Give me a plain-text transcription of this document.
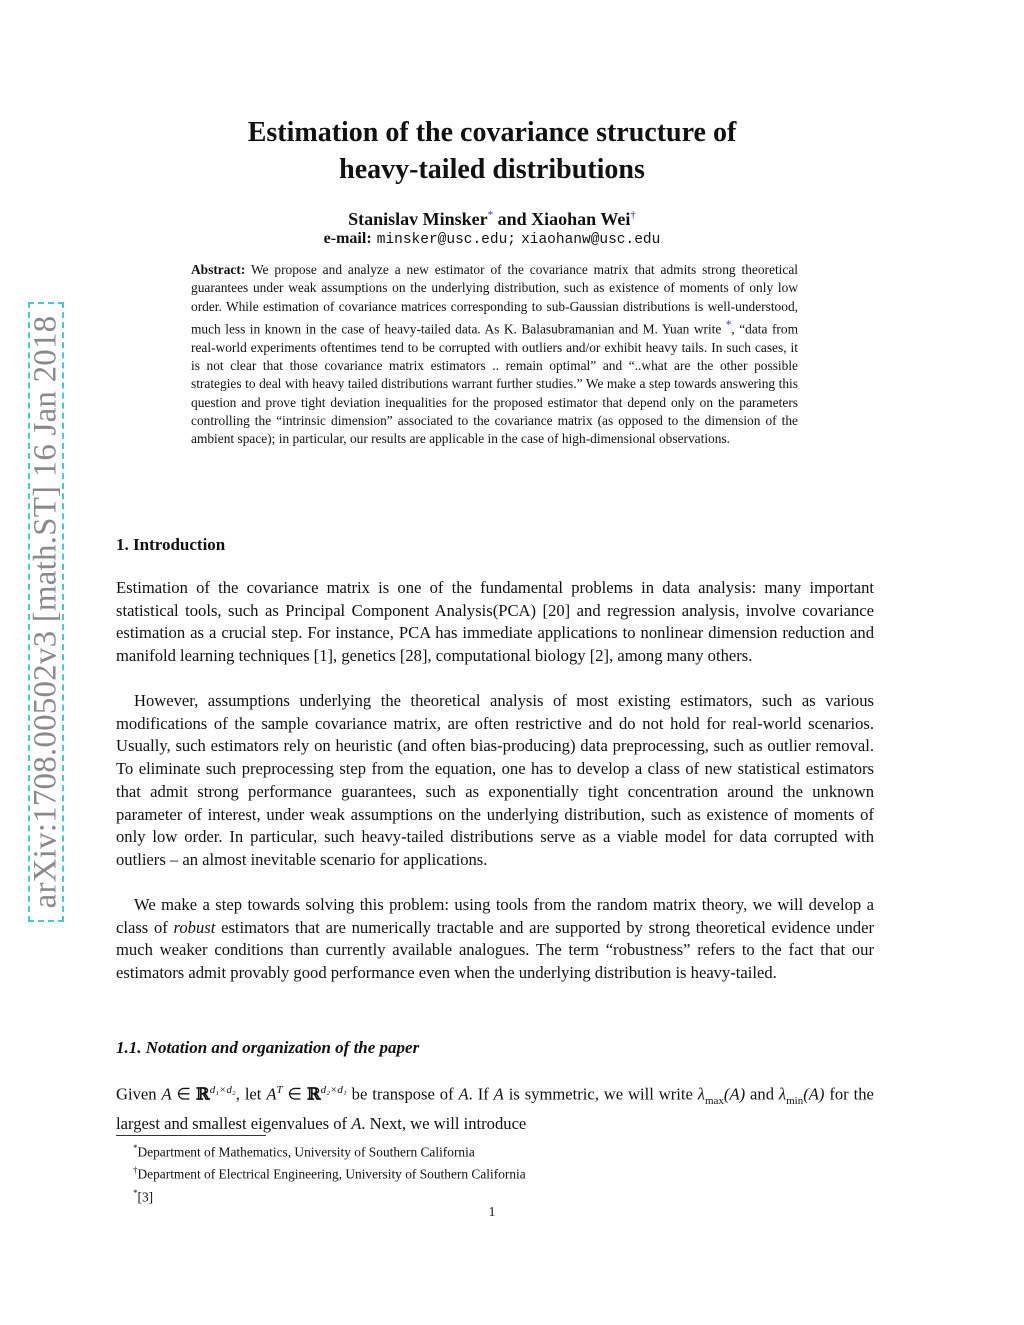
arXiv:1708.00502v3 [math.ST] 16 Jan 2018
Estimation of the covariance structure of
heavy-tailed distributions
Stanislav Minsker* and Xiaohan Wei†
e-mail: minsker@usc.edu; xiaohanw@usc.edu

Abstract: We propose and analyze a new estimator of the covariance matrix that admits strong theoretical guarantees under weak assumptions on the underlying distribution, such as existence of moments of only low order. While estimation of covariance matrices corresponding to sub-Gaussian distributions is well-understood, much less in known in the case of heavy-tailed data. As K. Balasubramanian and M. Yuan write *, “data from real-world experiments oftentimes tend to be corrupted with outliers and/or exhibit heavy tails. In such cases, it is not clear that those covariance matrix estimators .. remain optimal” and “..what are the other possible strategies to deal with heavy tailed distributions warrant further studies.” We make a step towards answering this question and prove tight deviation inequalities for the proposed estimator that depend only on the parameters controlling the “intrinsic dimension” associated to the covariance matrix (as opposed to the dimension of the ambient space); in particular, our results are applicable in the case of high-dimensional observations.

1. Introduction

Estimation of the covariance matrix is one of the fundamental problems in data analysis: many important statistical tools, such as Principal Component Analysis(PCA) [20] and regression analysis, involve covariance estimation as a crucial step. For instance, PCA has immediate applications to nonlinear dimension reduction and manifold learning techniques [1], genetics [28], computational biology [2], among many others.

However, assumptions underlying the theoretical analysis of most existing estimators, such as various modifications of the sample covariance matrix, are often restrictive and do not hold for real-world scenarios. Usually, such estimators rely on heuristic (and often bias-producing) data preprocessing, such as outlier removal. To eliminate such preprocessing step from the equation, one has to develop a class of new statistical estimators that admit strong performance guarantees, such as exponentially tight concentration around the unknown parameter of interest, under weak assumptions on the underlying distribution, such as existence of moments of only low order. In particular, such heavy-tailed distributions serve as a viable model for data corrupted with outliers – an almost inevitable scenario for applications.

We make a step towards solving this problem: using tools from the random matrix theory, we will develop a class of robust estimators that are numerically tractable and are supported by strong theoretical evidence under much weaker conditions than currently available analogues. The term “robustness” refers to the fact that our estimators admit provably good performance even when the underlying distribution is heavy-tailed.

1.1. Notation and organization of the paper

Given A ∈ ℝ$^{d_1\times d_2}$, let $A^T$ ∈ ℝ$^{d_2\times d_1}$ be transpose of A. If A is symmetric, we will write $\lambda_{max}(A)$ and $\lambda_{min}(A)$ for the largest and smallest eigenvalues of A. Next, we will introduce

*Department of Mathematics, University of Southern California
†Department of Electrical Engineering, University of Southern California
*[3]
1
